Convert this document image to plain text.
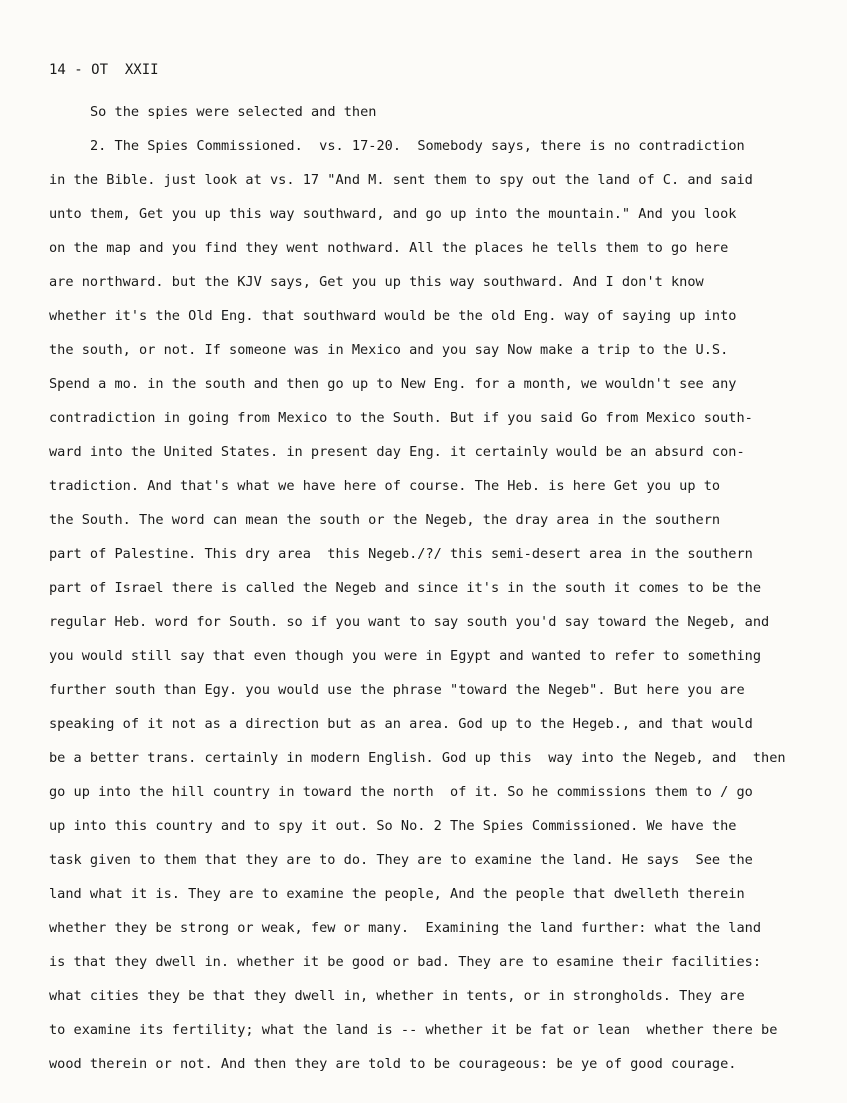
14 - OT  XXII
So the spies were selected and then
2. The Spies Commissioned.  vs. 17-20.  Somebody says, there is no contradiction
in the Bible. just look at vs. 17 "And M. sent them to spy out the land of C. and said
unto them, Get you up this way southward, and go up into the mountain." And you look
on the map and you find they went nothward. All the places he tells them to go here
are northward. but the KJV says, Get you up this way southward. And I don't know
whether it's the Old Eng. that southward would be the old Eng. way of saying up into
the south, or not. If someone was in Mexico and you say Now make a trip to the U.S.
Spend a mo. in the south and then go up to New Eng. for a month, we wouldn't see any
contradiction in going from Mexico to the South. But if you said Go from Mexico south-
ward into the United States. in present day Eng. it certainly would be an absurd con-
tradiction. And that's what we have here of course. The Heb. is here Get you up to
the South. The word can mean the south or the Negeb, the dray area in the southern
part of Palestine. This dry area  this Negeb./?/ this semi-desert area in the southern
part of Israel there is called the Negeb and since it's in the south it comes to be the
regular Heb. word for South. so if you want to say south you'd say toward the Negeb, and
you would still say that even though you were in Egypt and wanted to refer to something
further south than Egy. you would use the phrase "toward the Negeb". But here you are
speaking of it not as a direction but as an area. God up to the Hegeb., and that would
be a better trans. certainly in modern English. God up this  way into the Negeb, and  then
go up into the hill country in toward the north  of it. So he commissions them to / go
up into this country and to spy it out. So No. 2 The Spies Commissioned. We have the
task given to them that they are to do. They are to examine the land. He says  See the
land what it is. They are to examine the people, And the people that dwelleth therein
whether they be strong or weak, few or many.  Examining the land further: what the land
is that they dwell in. whether it be good or bad. They are to esamine their facilities:
what cities they be that they dwell in, whether in tents, or in strongholds. They are
to examine its fertility; what the land is -- whether it be fat or lean  whether there be
wood therein or not. And then they are told to be courageous: be ye of good courage.
